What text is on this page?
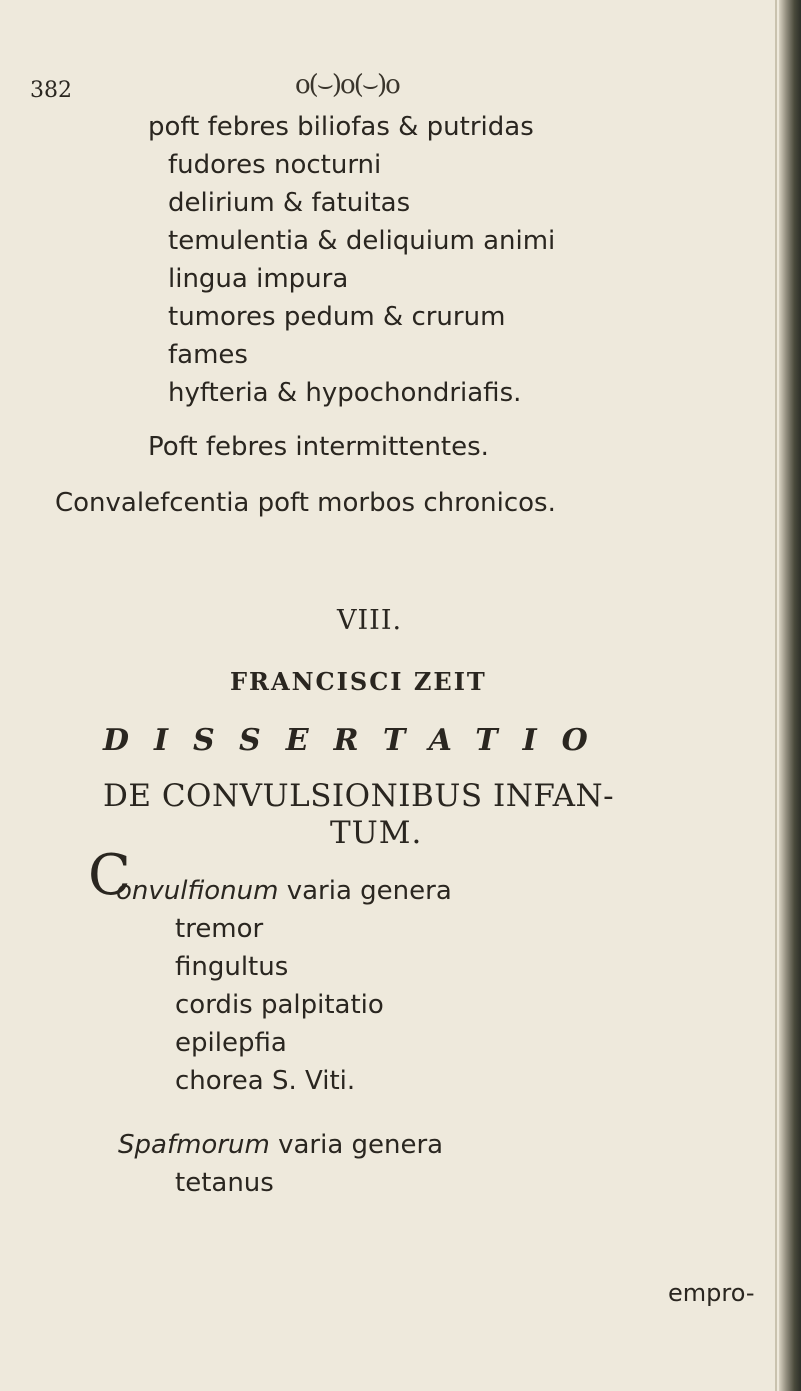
382	o(⌣)o(⌣)o
poft febres biliofas & putridas
fudores nocturni
delirium & fatuitas
temulentia & deliquium animi
lingua impura
tumores pedum & crurum
fames
hyfteria & hypochondriafis.
Poft febres intermittentes.
Convalefcentia poft morbos chronicos.
VIII.
FRANCISCI ZEIT
DISSERTATIO
DE CONVULSIONIBUS INFAN-
TUM.
C
onvulfionum varia genera
tremor
fingultus
cordis palpitatio
epilepfia
chorea S. Viti.
Spafmorum varia genera
tetanus
empro-
